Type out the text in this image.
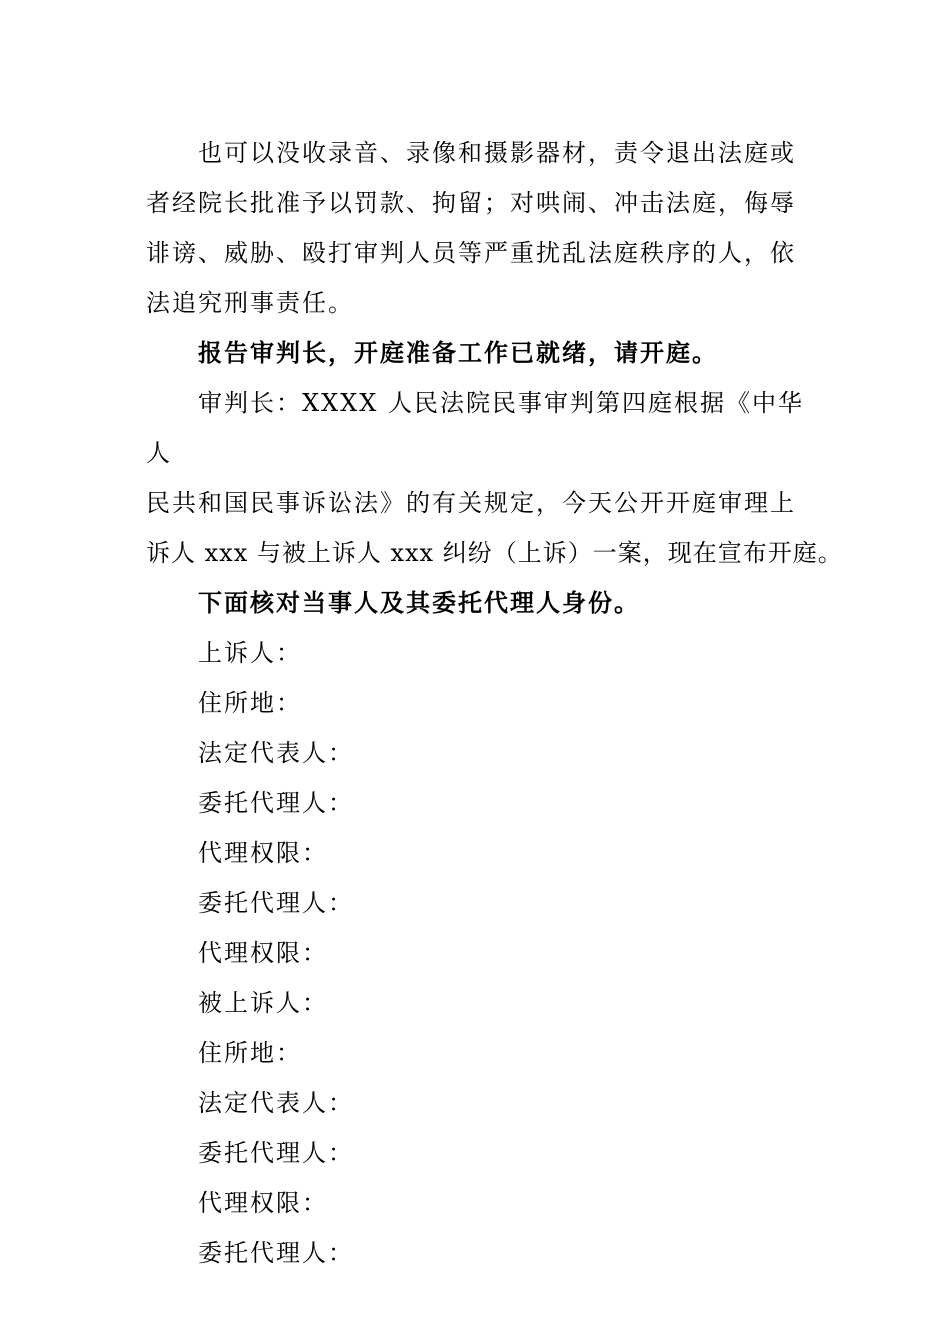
也可以没收录音、录像和摄影器材，责令退出法庭或
者经院长批准予以罚款、拘留；对哄闹、冲击法庭，侮辱
诽谤、威胁、殴打审判人员等严重扰乱法庭秩序的人，依
法追究刑事责任。
报告审判长，开庭准备工作已就绪，请开庭。
审判长：XXXX 人民法院民事审判第四庭根据《中华人
民共和国民事诉讼法》的有关规定，今天公开开庭审理上
诉人 xxx 与被上诉人 xxx 纠纷（上诉）一案，现在宣布开庭。
下面核对当事人及其委托代理人身份。
上诉人：
住所地：
法定代表人：
委托代理人：
代理权限：
委托代理人：
代理权限：
被上诉人：
住所地：
法定代表人：
委托代理人：
代理权限：
委托代理人：
